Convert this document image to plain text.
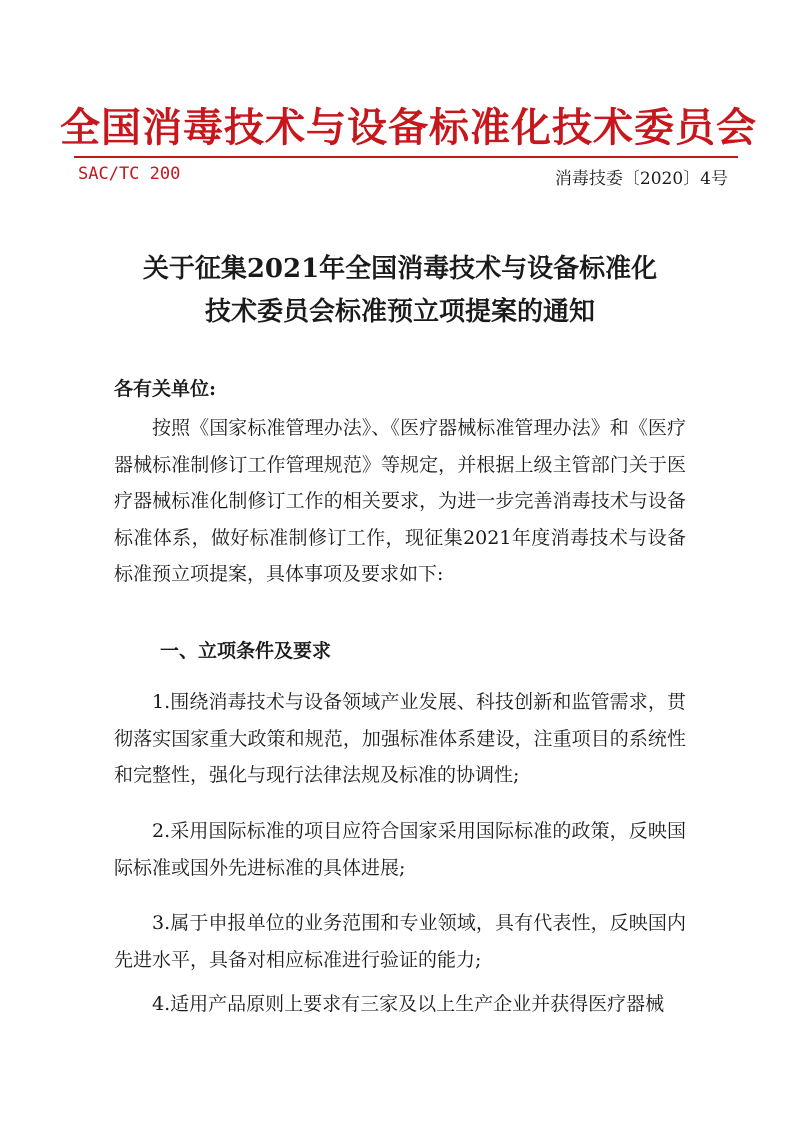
全国消毒技术与设备标准化技术委员会
SAC/TC 200	消毒技委〔2020〕4号
关于征集2021年全国消毒技术与设备标准化
技术委员会标准预立项提案的通知
各有关单位:
按照《国家标准管理办法》、《医疗器械标准管理办法》和《医疗器械标准制修订工作管理规范》等规定，并根据上级主管部门关于医疗器械标准化制修订工作的相关要求，为进一步完善消毒技术与设备标准体系，做好标准制修订工作，现征集2021年度消毒技术与设备标准预立项提案，具体事项及要求如下:
一、立项条件及要求
1.围绕消毒技术与设备领域产业发展、科技创新和监管需求，贯彻落实国家重大政策和规范，加强标准体系建设，注重项目的系统性和完整性，强化与现行法律法规及标准的协调性;
2.采用国际标准的项目应符合国家采用国际标准的政策，反映国际标准或国外先进标准的具体进展;
3.属于申报单位的业务范围和专业领域，具有代表性，反映国内先进水平，具备对相应标准进行验证的能力;
4.适用产品原则上要求有三家及以上生产企业并获得医疗器械
